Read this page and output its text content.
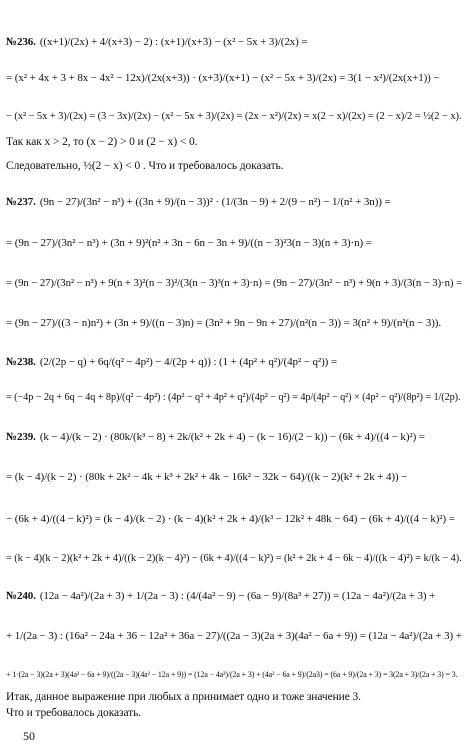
№236. ((x+1)/(2x) + 4/(x+3) − 2) : (x+1)/(x+3) − (x² − 5x + 3)/(2x) =
= (x² + 4x + 3 + 8x − 4x² − 12x)/(2x(x+3)) · (x+3)/(x+1) − (x² − 5x + 3)/(2x) = 3(1 − x²)/(2x(x+1)) −
− (x² − 5x + 3)/(2x) = (3 − 3x)/(2x) − (x² − 5x + 3)/(2x) = (2x − x²)/(2x) = x(2 − x)/(2x) = (2 − x)/2 = ½(2 − x).
Так как x > 2, то (x − 2) > 0 и (2 − x) < 0.
Следовательно, ½(2 − x) < 0 . Что и требовалось доказать.
№237. (9n − 27)/(3n² − n³) + ((3n + 9)/(n − 3))² · (1/(3n − 9) + 2/(9 − n²) − 1/(n² + 3n)) =
= (9n − 27)/(3n² − n³) + (3n + 9)²(n² + 3n − 6n − 3n + 9)/((n − 3)²3(n − 3)(n + 3)·n) =
= (9n − 27)/(3n² − n³) + 9(n + 3)²(n − 3)²/(3(n − 3)³(n + 3)·n) = (9n − 27)/(3n² − n³) + 9(n + 3)/(3(n − 3)·n) =
= (9n − 27)/((3 − n)n²) + (3n + 9)/((n − 3)n) = (3n² + 9n − 9n + 27)/(n²(n − 3)) = 3(n² + 9)/(n²(n − 3)).
№238. (2/(2p − q) + 6q/(q² − 4p²) − 4/(2p + q)) : (1 + (4p² + q²)/(4p² − q²)) =
= (−4p − 2q + 6q − 4q + 8p)/(q² − 4p²) : (4p² − q² + 4p² + q²)/(4p² − q²) = 4p/(4p² − q²) × (4p² − q²)/(8p²) = 1/(2p).
№239. (k − 4)/(k − 2) · (80k/(k³ − 8) + 2k/(k² + 2k + 4) − (k − 16)/(2 − k)) − (6k + 4)/((4 − k)²) =
= (k − 4)/(k − 2) · (80k + 2k² − 4k + k³ + 2k² + 4k − 16k² − 32k − 64)/((k − 2)(k² + 2k + 4)) −
− (6k + 4)/((4 − k)²) = (k − 4)/(k − 2) · (k − 4)(k² + 2k + 4)/(k³ − 12k² + 48k − 64) − (6k + 4)/((4 − k)²) =
= (k − 4)(k − 2)(k² + 2k + 4)/((k − 2)(k − 4)³) − (6k + 4)/((4 − k)²) = (k² + 2k + 4 − 6k − 4)/((k − 4)²) = k/(k − 4).
№240. (12a − 4a²)/(2a + 3) + 1/(2a − 3) : (4/(4a² − 9) − (6a − 9)/(8a³ + 27)) = (12a − 4a²)/(2a + 3) +
+ 1/(2a − 3) : (16a² − 24a + 36 − 12a² + 36a − 27)/((2a − 3)(2a + 3)(4a² − 6a + 9)) = (12a − 4a²)/(2a + 3) +
+ 1·(2a − 3)(2a + 3)(4a² − 6a + 9)/((2a − 3)(4a² − 12a + 9)) = (12a − 4a²)/(2a + 3) + (4a² − 6a + 9)/(2a3) = (6a + 9)/(2a + 3) = 3(2a + 3)/(2a + 3) = 3.
Итак, данное выражение при любых a принимает одно и тоже значение 3.
Что и требовалось доказать.
50
